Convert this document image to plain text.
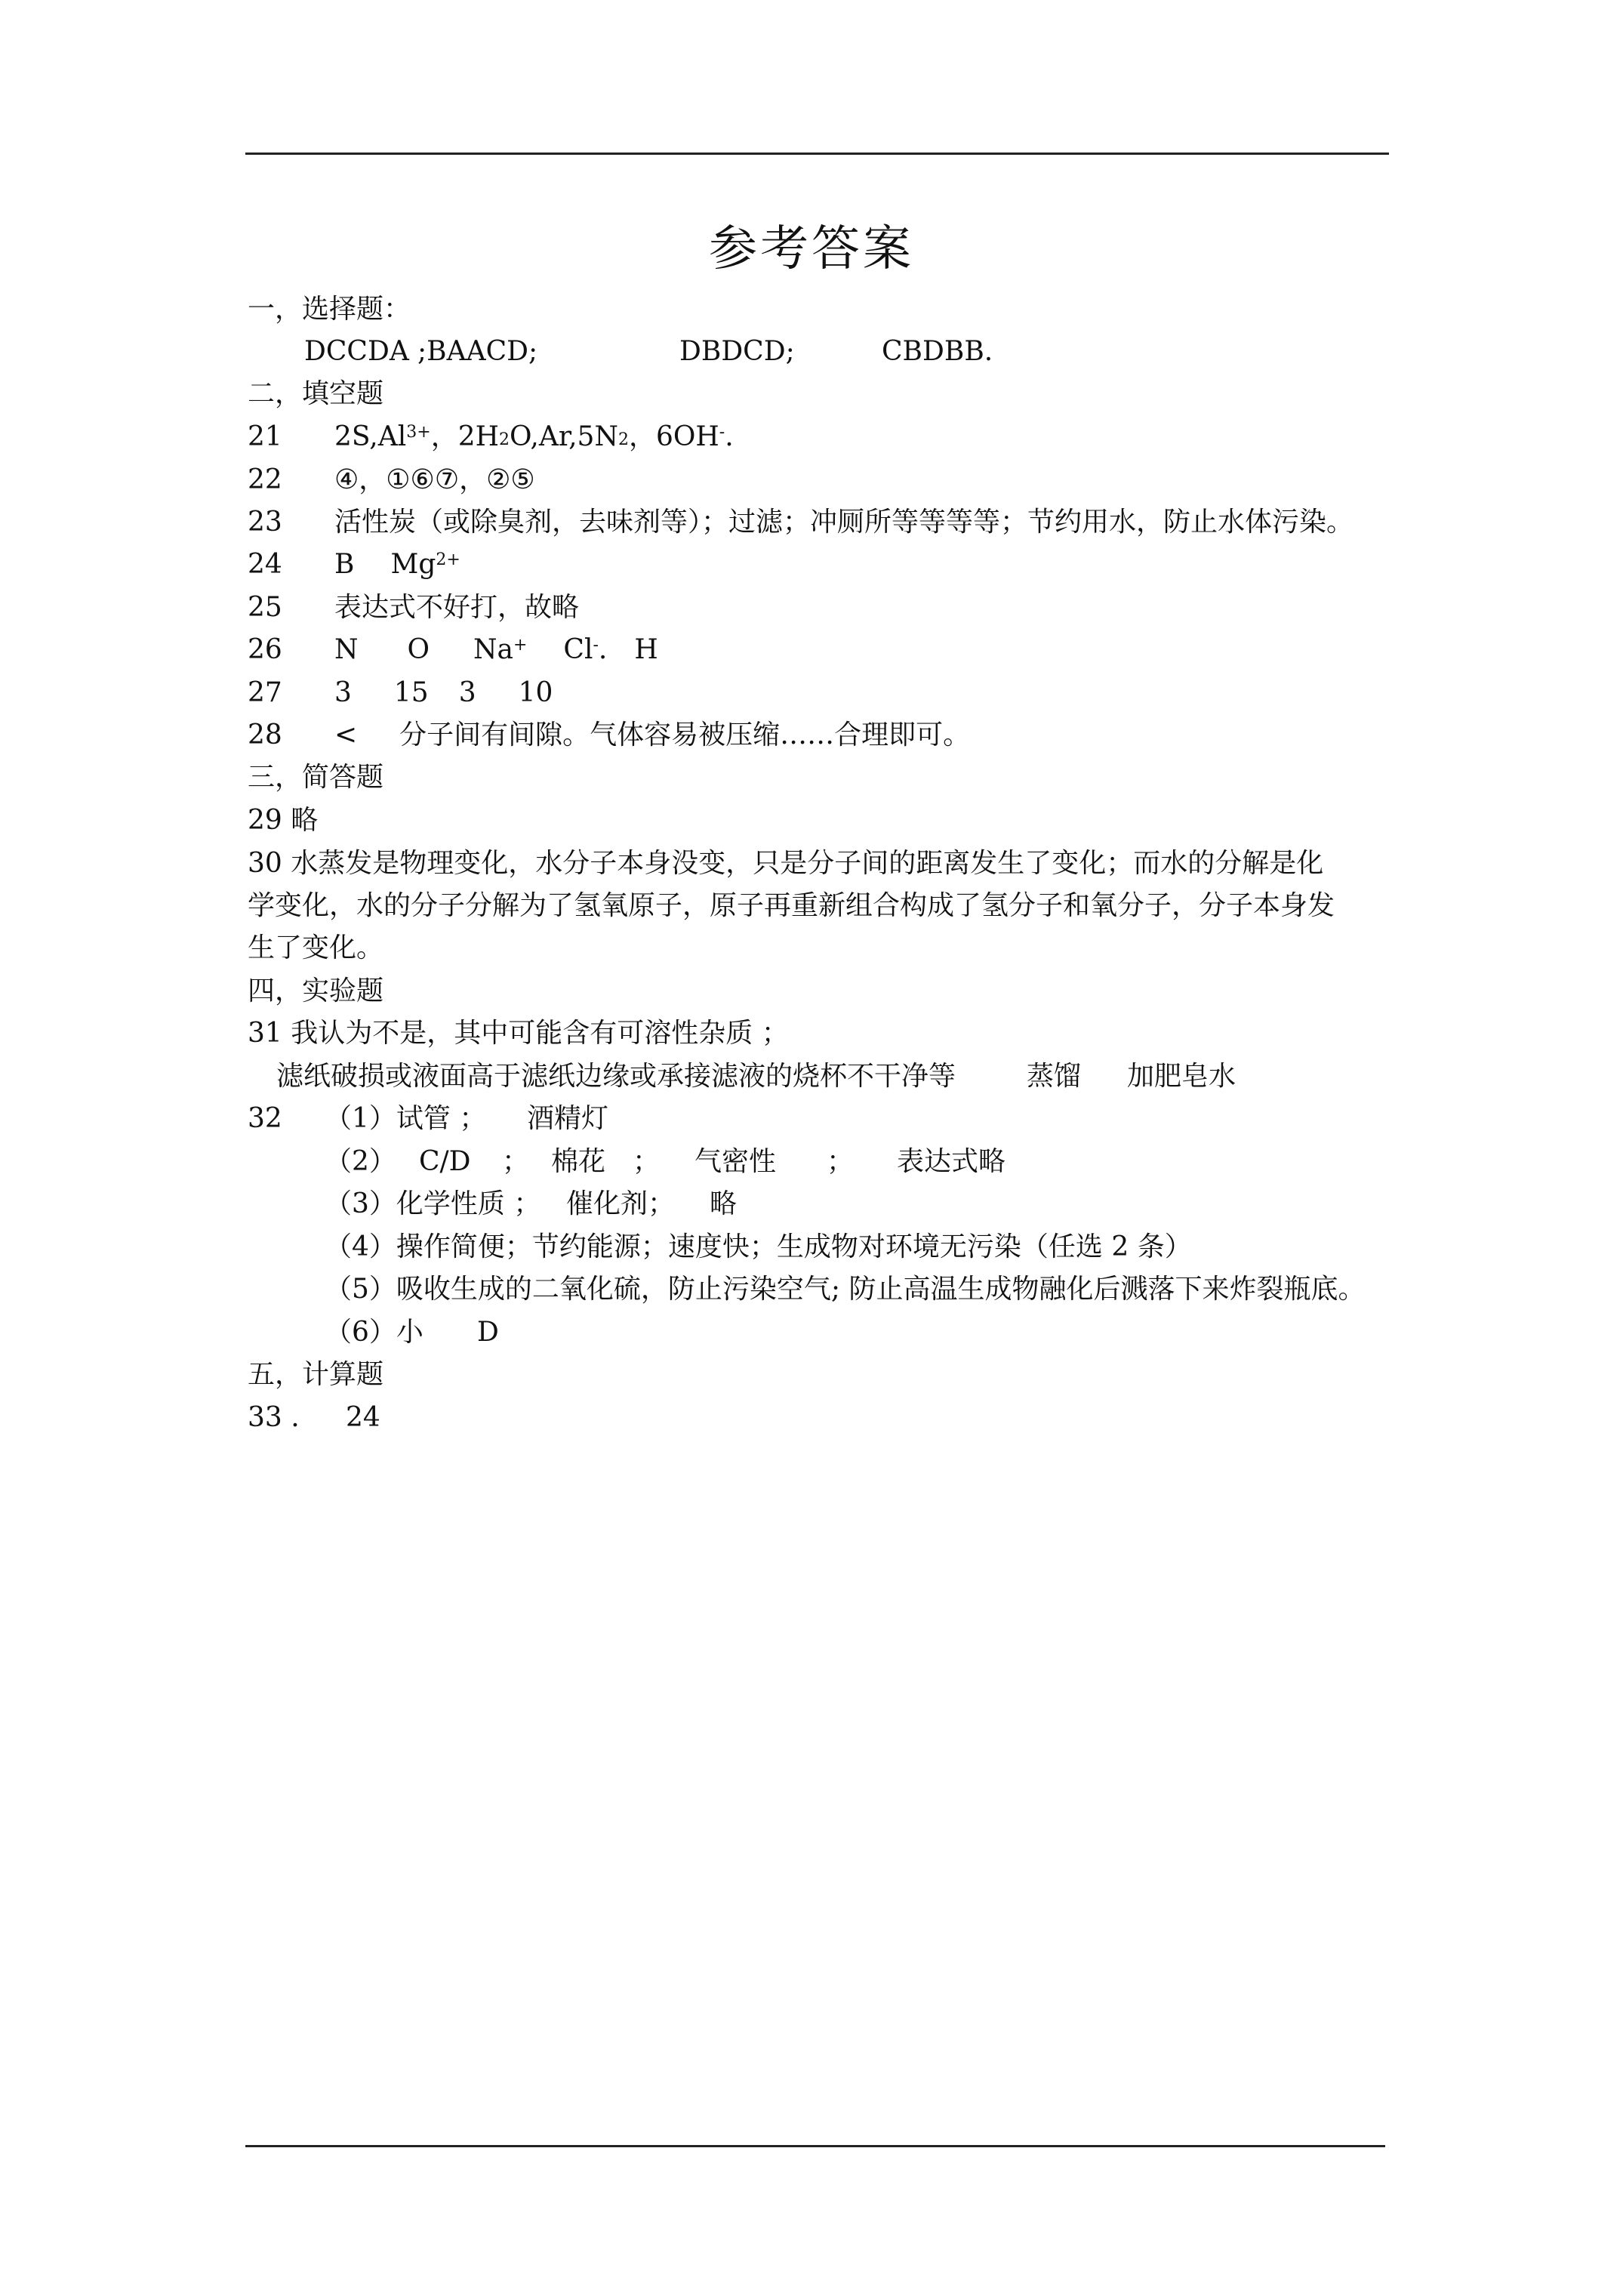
参考答案
一，选择题：
DCCDA ;BAACD;	DBDCD;	CBDBB.
二，填空题
21 $2S,Al^{3+}$，$2H_2O,Ar,5N_2$，6OH-.
22 ④，①⑥⑦，②⑤
23 活性炭（或除臭剂，去味剂等）；过滤；冲厕所等等等等；节约用水，防止水体污染。
24 B $Mg^{2+}$
25 表达式不好打，故略
26 N O Na+ Cl-. H
27 3 15 3 10
28 < 分子间有间隙。气体容易被压缩……合理即可。
三，简答题
29 略
30 水蒸发是物理变化，水分子本身没变，只是分子间的距离发生了变化；而水的分解是化
学变化，水的分子分解为了氢氧原子，原子再重新组合构成了氢分子和氧分子，分子本身发
生了变化。
四，实验题
31 我认为不是，其中可能含有可溶性杂质 ；
滤纸破损或液面高于滤纸边缘或承接滤液的烧杯不干净等	蒸馏 加肥皂水
32 （1）试管 ； 酒精灯
（2） C/D ； 棉花 ； 气密性 ； 表达式略
（3）化学性质 ； 催化剂； 略
（4）操作简便；节约能源；速度快；生成物对环境无污染（任选 2 条）
（5）吸收生成的二氧化硫，防止污染空气; 防止高温生成物融化后溅落下来炸裂瓶底。
（6）小 D
五，计算题
33 . 24
